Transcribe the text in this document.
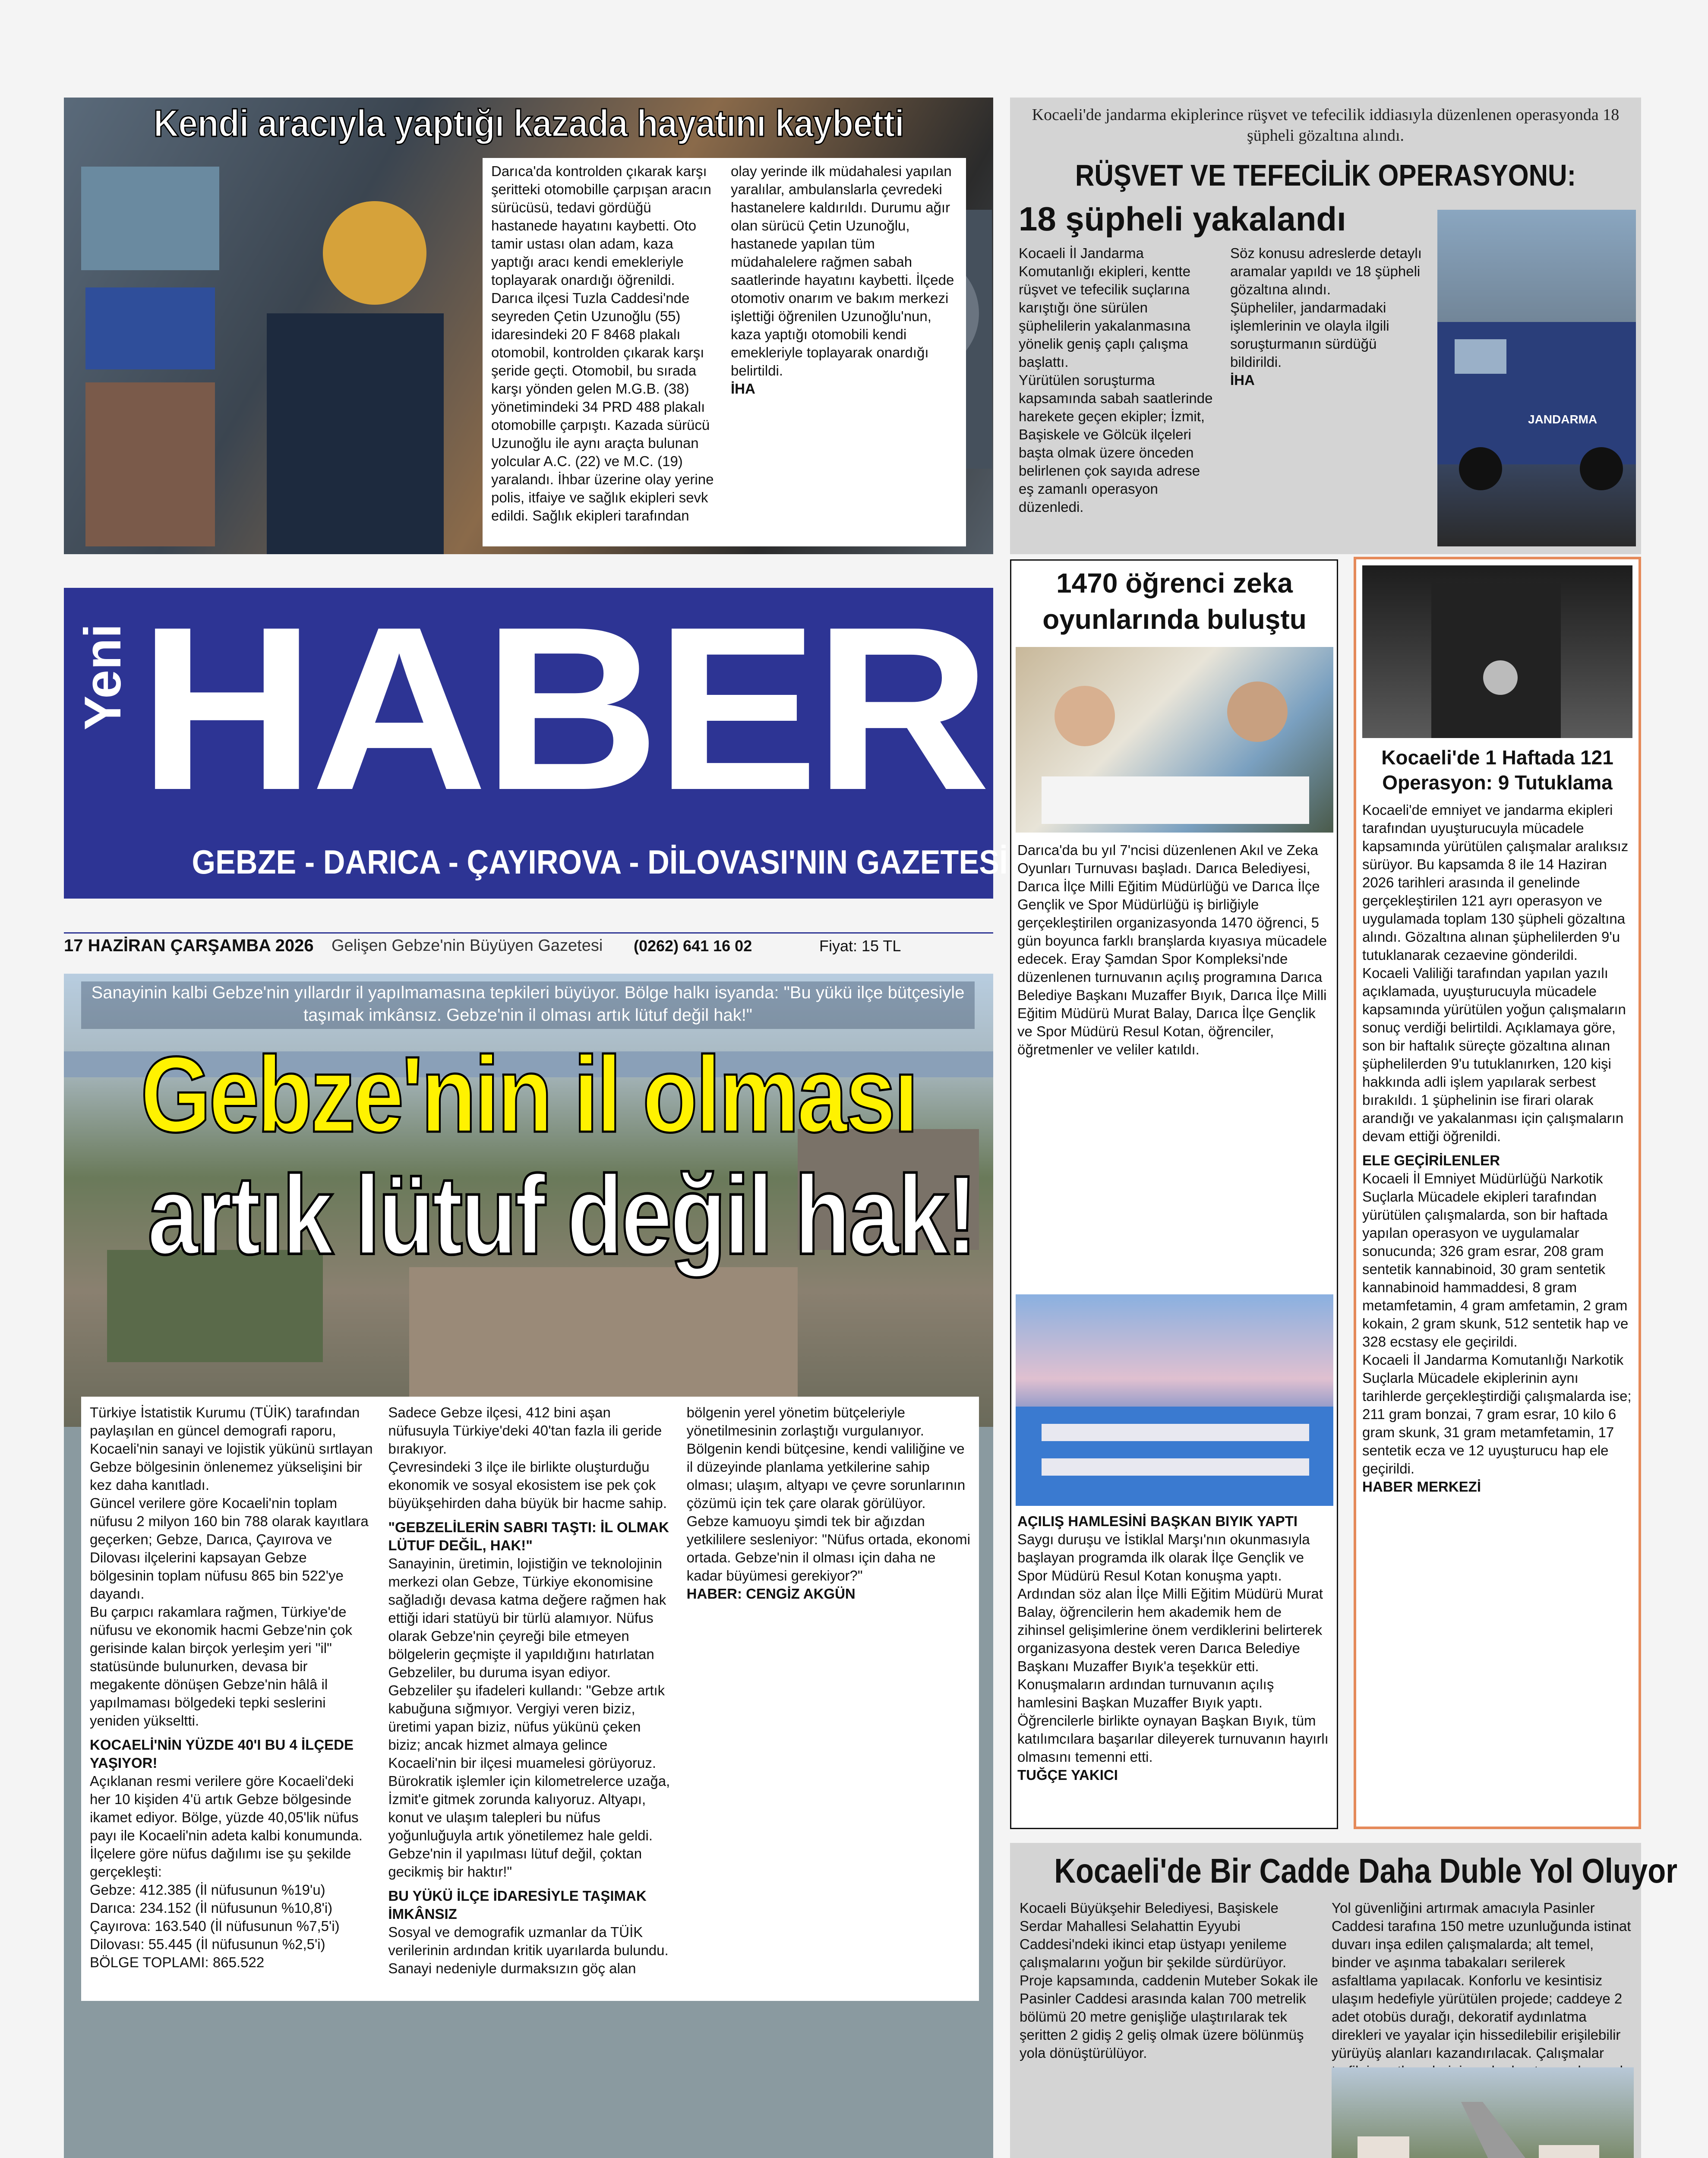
Kendi aracıyla yaptığı kazada hayatını kaybetti

Darıca'da kontrolden çıkarak karşı şeritteki otomobille çarpışan aracın sürücüsü, tedavi gördüğü hastanede hayatını kaybetti. Oto tamir ustası olan adam, kaza yaptığı aracı kendi emekleriyle toplayarak onardığı öğrenildi.

Darıca ilçesi Tuzla Caddesi'nde seyreden Çetin Uzunoğlu (55) idaresindeki 20 F 8468 plakalı otomobil, kontrolden çıkarak karşı şeride geçti. Otomobil, bu sırada karşı yönden gelen M.G.B. (38) yönetimindeki 34 PRD 488 plakalı otomobille çarpıştı. Kazada sürücü Uzunoğlu ile aynı araçta bulunan yolcular A.C. (22) ve M.C. (19) yaralandı. İhbar üzerine olay yerine polis, itfaiye ve sağlık ekipleri sevk edildi. Sağlık ekipleri tarafından olay yerinde ilk müdahalesi yapılan yaralılar, ambulanslarla çevredeki hastanelere kaldırıldı. Durumu ağır olan sürücü Çetin Uzunoğlu, hastanede yapılan tüm müdahalelere rağmen sabah saatlerinde hayatını kaybetti. İlçede otomotiv onarım ve bakım merkezi işlettiği öğrenilen Uzunoğlu'nun, kaza yaptığı otomobili kendi emekleriyle toplayarak onardığı belirtildi.

İHA

Kocaeli'de jandarma ekiplerince rüşvet ve tefecilik iddiasıyla düzenlenen operasyonda 18 şüpheli gözaltına alındı.
RÜŞVET VE TEFECİLİK OPERASYONU:
18 şüpheli yakalandı

Kocaeli İl Jandarma Komutanlığı ekipleri, kentte rüşvet ve tefecilik suçlarına karıştığı öne sürülen şüphelilerin yakalanmasına yönelik geniş çaplı çalışma başlattı.

Yürütülen soruşturma kapsamında sabah saatlerinde harekete geçen ekipler; İzmit, Başiskele ve Gölcük ilçeleri başta olmak üzere önceden belirlenen çok sayıda adrese eş zamanlı operasyon düzenledi.

Söz konusu adreslerde detaylı aramalar yapıldı ve 18 şüpheli gözaltına alındı.

Şüpheliler, jandarmadaki işlemlerinin ve olayla ilgili soruşturmanın sürdüğü bildirildi.

İHA

JANDARMA
Yeni HABER
GEBZE - DARICA - ÇAYIROVA - DİLOVASI'NIN GAZETESİ
17 HAZİRAN ÇARŞAMBA 2026	Gelişen Gebze'nin Büyüyen Gazetesi	(0262) 641 16 02	Fiyat: 15 TL
1470 öğrenci zeka oyunlarında buluştu

Darıca'da bu yıl 7'ncisi düzenlenen Akıl ve Zeka Oyunları Turnuvası başladı. Darıca Belediyesi, Darıca İlçe Milli Eğitim Müdürlüğü ve Darıca İlçe Gençlik ve Spor Müdürlüğü iş birliğiyle gerçekleştirilen organizasyonda 1470 öğrenci, 5 gün boyunca farklı branşlarda kıyasıya mücadele edecek. Eray Şamdan Spor Kompleksi'nde düzenlenen turnuvanın açılış programına Darıca Belediye Başkanı Muzaffer Bıyık, Darıca İlçe Milli Eğitim Müdürü Murat Balay, Darıca İlçe Gençlik ve Spor Müdürü Resul Kotan, öğrenciler, öğretmenler ve veliler katıldı.

AÇILIŞ HAMLESİNİ BAŞKAN BIYIK YAPTI

Saygı duruşu ve İstiklal Marşı'nın okunmasıyla başlayan programda ilk olarak İlçe Gençlik ve Spor Müdürü Resul Kotan konuşma yaptı. Ardından söz alan İlçe Milli Eğitim Müdürü Murat Balay, öğrencilerin hem akademik hem de zihinsel gelişimlerine önem verdiklerini belirterek organizasyona destek veren Darıca Belediye Başkanı Muzaffer Bıyık'a teşekkür etti.

Konuşmaların ardından turnuvanın açılış hamlesini Başkan Muzaffer Bıyık yaptı. Öğrencilerle birlikte oynayan Başkan Bıyık, tüm katılımcılara başarılar dileyerek turnuvanın hayırlı olmasını temenni etti.

TUĞÇE YAKICI

Kocaeli'de 1 Haftada 121 Operasyon: 9 Tutuklama

Kocaeli'de emniyet ve jandarma ekipleri tarafından uyuşturucuyla mücadele kapsamında yürütülen çalışmalar aralıksız sürüyor. Bu kapsamda 8 ile 14 Haziran 2026 tarihleri arasında il genelinde gerçekleştirilen 121 ayrı operasyon ve uygulamada toplam 130 şüpheli gözaltına alındı. Gözaltına alınan şüphelilerden 9'u tutuklanarak cezaevine gönderildi.

Kocaeli Valiliği tarafından yapılan yazılı açıklamada, uyuşturucuyla mücadele kapsamında yürütülen yoğun çalışmaların sonuç verdiği belirtildi. Açıklamaya göre, son bir haftalık süreçte gözaltına alınan şüphelilerden 9'u tutuklanırken, 120 kişi hakkında adli işlem yapılarak serbest bırakıldı. 1 şüphelinin ise firari olarak arandığı ve yakalanması için çalışmaların devam ettiği öğrenildi.

ELE GEÇİRİLENLER

Kocaeli İl Emniyet Müdürlüğü Narkotik Suçlarla Mücadele ekipleri tarafından yürütülen çalışmalarda, son bir haftada yapılan operasyon ve uygulamalar sonucunda; 326 gram esrar, 208 gram sentetik kannabinoid, 30 gram sentetik kannabinoid hammaddesi, 8 gram metamfetamin, 4 gram amfetamin, 2 gram kokain, 2 gram skunk, 512 sentetik hap ve 328 ecstasy ele geçirildi.

Kocaeli İl Jandarma Komutanlığı Narkotik Suçlarla Mücadele ekiplerinin aynı tarihlerde gerçekleştirdiği çalışmalarda ise; 211 gram bonzai, 7 gram esrar, 10 kilo 6 gram skunk, 31 gram metamfetamin, 17 sentetik ecza ve 12 uyuşturucu hap ele geçirildi.

HABER MERKEZİ

Sanayinin kalbi Gebze'nin yıllardır il yapılmamasına tepkileri büyüyor. Bölge halkı isyanda: "Bu yükü ilçe bütçesiyle taşımak imkânsız. Gebze'nin il olması artık lütuf değil hak!"
Gebze'nin il olması
artık lütuf değil hak!

Türkiye İstatistik Kurumu (TÜİK) tarafından paylaşılan en güncel demografi raporu, Kocaeli'nin sanayi ve lojistik yükünü sırtlayan Gebze bölgesinin önlenemez yükselişini bir kez daha kanıtladı.

Güncel verilere göre Kocaeli'nin toplam nüfusu 2 milyon 160 bin 788 olarak kayıtlara geçerken; Gebze, Darıca, Çayırova ve Dilovası ilçelerini kapsayan Gebze bölgesinin toplam nüfusu 865 bin 522'ye dayandı.

Bu çarpıcı rakamlara rağmen, Türkiye'de nüfusu ve ekonomik hacmi Gebze'nin çok gerisinde kalan birçok yerleşim yeri "il" statüsünde bulunurken, devasa bir megakente dönüşen Gebze'nin hâlâ il yapılmaması bölgedeki tepki seslerini yeniden yükseltti.

KOCAELİ'NİN YÜZDE 40'I BU 4 İLÇEDE YAŞIYOR!

Açıklanan resmi verilere göre Kocaeli'deki her 10 kişiden 4'ü artık Gebze bölgesinde ikamet ediyor. Bölge, yüzde 40,05'lik nüfus payı ile Kocaeli'nin adeta kalbi konumunda. İlçelere göre nüfus dağılımı ise şu şekilde gerçekleşti:

Gebze: 412.385 (İl nüfusunun %19'u)

Darıca: 234.152 (İl nüfusunun %10,8'i)

Çayırova: 163.540 (İl nüfusunun %7,5'i)

Dilovası: 55.445 (İl nüfusunun %2,5'i)

BÖLGE TOPLAMI: 865.522

Sadece Gebze ilçesi, 412 bini aşan nüfusuyla Türkiye'deki 40'tan fazla ili geride bırakıyor.

Çevresindeki 3 ilçe ile birlikte oluşturduğu ekonomik ve sosyal ekosistem ise pek çok büyükşehirden daha büyük bir hacme sahip.

"GEBZELİLERİN SABRI TAŞTI: İL OLMAK LÜTUF DEĞİL, HAK!"

Sanayinin, üretimin, lojistiğin ve teknolojinin merkezi olan Gebze, Türkiye ekonomisine sağladığı devasa katma değere rağmen hak ettiği idari statüyü bir türlü alamıyor. Nüfus olarak Gebze'nin çeyreği bile etmeyen bölgelerin geçmişte il yapıldığını hatırlatan Gebzeliler, bu duruma isyan ediyor.

Gebzeliler şu ifadeleri kullandı: "Gebze artık kabuğuna sığmıyor. Vergiyi veren biziz, üretimi yapan biziz, nüfus yükünü çeken biziz; ancak hizmet almaya gelince Kocaeli'nin bir ilçesi muamelesi görüyoruz.

Bürokratik işlemler için kilometrelerce uzağa, İzmit'e gitmek zorunda kalıyoruz. Altyapı, konut ve ulaşım talepleri bu nüfus yoğunluğuyla artık yönetilemez hale geldi. Gebze'nin il yapılması lütuf değil, çoktan gecikmiş bir haktır!"

BU YÜKÜ İLÇE İDARESİYLE TAŞIMAK İMKÂNSIZ

Sosyal ve demografik uzmanlar da TÜİK verilerinin ardından kritik uyarılarda bulundu. Sanayi nedeniyle durmaksızın göç alan bölgenin yerel yönetim bütçeleriyle yönetilmesinin zorlaştığı vurgulanıyor.

Bölgenin kendi bütçesine, kendi valiliğine ve il düzeyinde planlama yetkilerine sahip olması; ulaşım, altyapı ve çevre sorunlarının çözümü için tek çare olarak görülüyor. Gebze kamuoyu şimdi tek bir ağızdan yetkililere sesleniyor: "Nüfus ortada, ekonomi ortada. Gebze'nin il olması için daha ne kadar büyümesi gerekiyor?"

HABER: CENGİZ AKGÜN

Kocaeli'de Bir Cadde Daha Duble Yol Oluyor

Kocaeli Büyükşehir Belediyesi, Başiskele Serdar Mahallesi Selahattin Eyyubi Caddesi'ndeki ikinci etap üstyapı yenileme çalışmalarını yoğun bir şekilde sürdürüyor. Proje kapsamında, caddenin Muteber Sokak ile Pasinler Caddesi arasında kalan 700 metrelik bölümü 20 metre genişliğe ulaştırılarak tek şeritten 2 gidiş 2 geliş olmak üzere bölünmüş yola dönüştürülüyor.

Yol güvenliğini artırmak amacıyla Pasinler Caddesi tarafına 150 metre uzunluğunda istinat duvarı inşa edilen çalışmalarda; alt temel, binder ve aşınma tabakaları serilerek asfaltlama yapılacak. Konforlu ve kesintisiz ulaşım hedefiyle yürütülen projede; caddeye 2 adet otobüs durağı, dekoratif aydınlatma direkleri ve yayalar için hissedilebilir erişilebilir yürüyüş alanları kazandırılacak. Çalışmalar
